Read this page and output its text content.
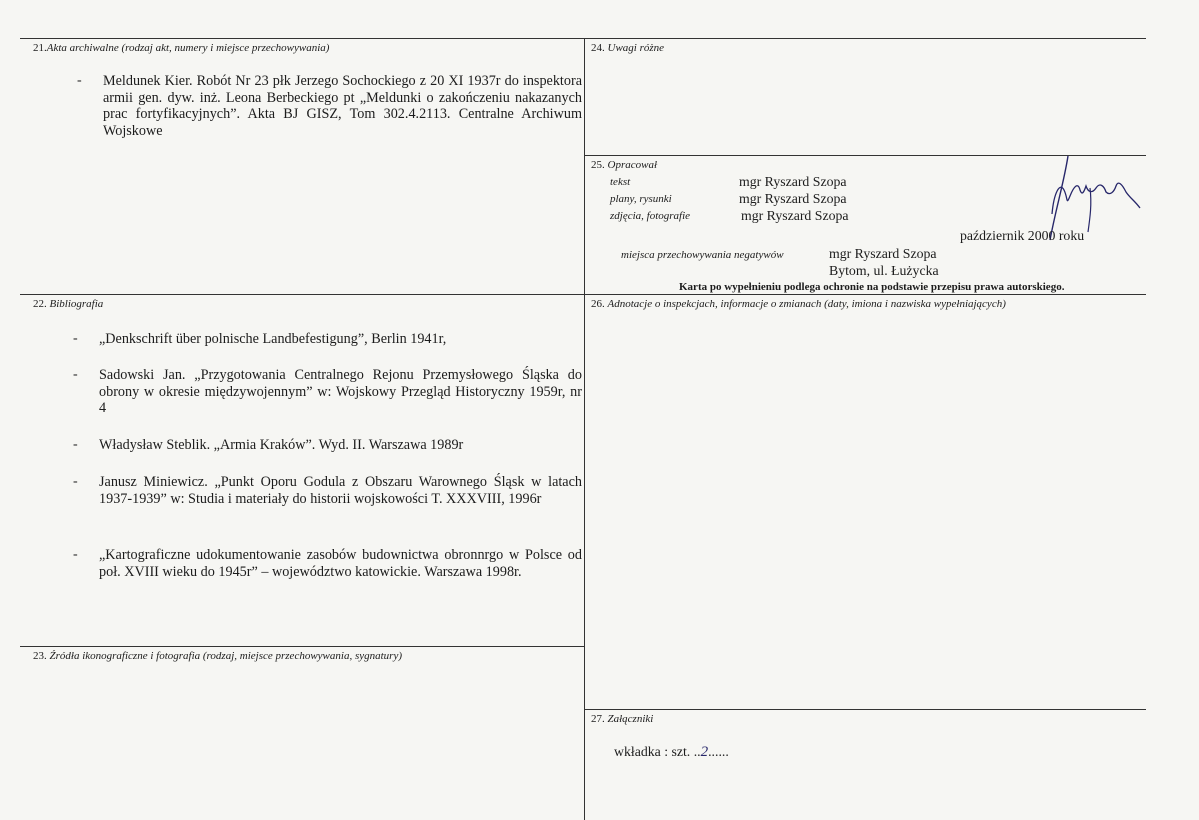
21.Akta archiwalne (rodzaj akt, numery i miejsce przechowywania)
- Meldunek Kier. Robót Nr 23 płk Jerzego Sochockiego z 20 XI 1937r do inspektora armii gen. dyw. inż. Leona Berbeckiego pt „Meldunki o zakończeniu nakazanych prac fortyfikacyjnych”. Akta BJ GISZ, Tom 302.4.2113. Centralne Archiwum Wojskowe
22. Bibliografia
- „Denkschrift über polnische Landbefestigung”, Berlin 1941r,
- Sadowski Jan. „Przygotowania Centralnego Rejonu Przemysłowego Śląska do obrony w okresie międzywojennym” w: Wojskowy Przegląd Historyczny 1959r, nr 4
- Władysław Steblik. „Armia Kraków”. Wyd. II. Warszawa 1989r
- Janusz Miniewicz. „Punkt Oporu Godula z Obszaru Warownego Śląsk w latach 1937-1939” w: Studia i materiały do historii wojskowości T. XXXVIII, 1996r
- „Kartograficzne udokumentowanie zasobów budownictwa obronnrgo w Polsce od poł. XVIII wieku do 1945r” – województwo katowickie. Warszawa 1998r.
23. Źródła ikonograficzne i fotografia (rodzaj, miejsce przechowywania, sygnatury)
24. Uwagi różne
25. Opracował
tekst	mgr Ryszard Szopa
plany, rysunki	mgr Ryszard Szopa
zdjęcia, fotografie	mgr Ryszard Szopa
październik 2000 roku
miejsca przechowywania negatywów	mgr Ryszard Szopa
Bytom, ul. Łużycka
Karta po wypełnieniu podlega ochronie na podstawie przepisu prawa autorskiego.
26. Adnotacje o inspekcjach, informacje o zmianach (daty, imiona i nazwiska wypełniających)
27. Załączniki
wkładka : szt. ..2......
